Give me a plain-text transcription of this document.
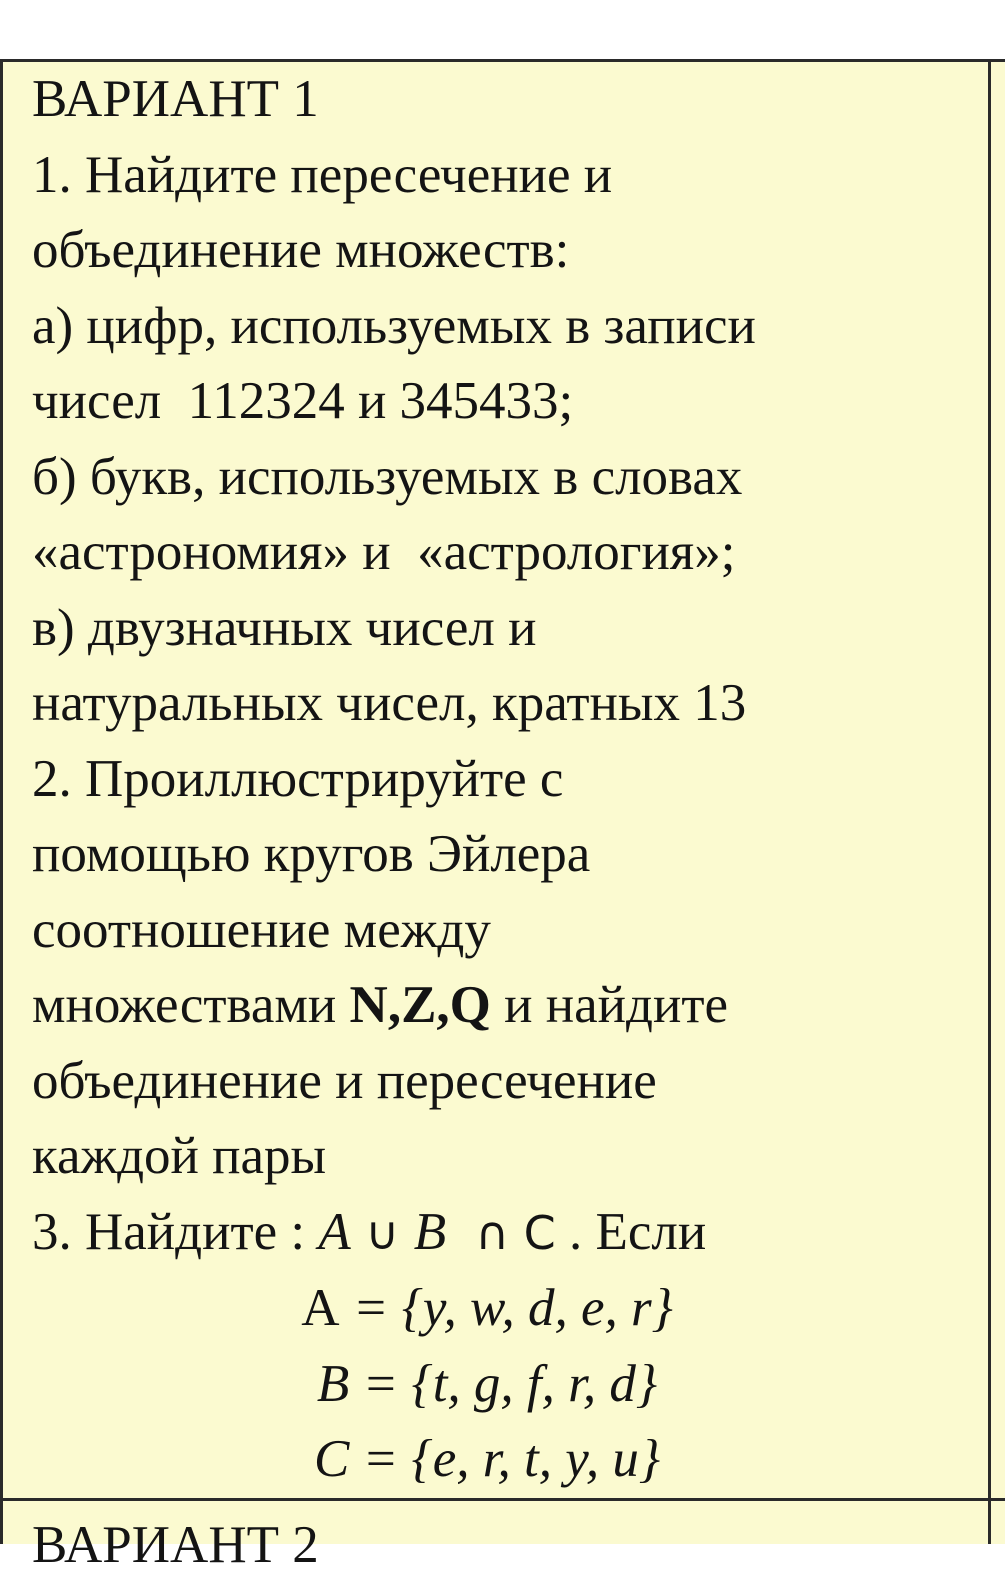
ВАРИАНТ 1
1. Найдите пересечение и
объединение множеств:
а) цифр, используемых в записи
чисел  112324 и 345433;
б) букв, используемых в словах
«астрономия» и  «астрология»;
в) двузначных чисел и
натуральных чисел, кратных 13
2. Проиллюстрируйте с
помощью кругов Эйлера
соотношение между
множествами N,Z,Q и найдите
объединение и пересечение
каждой пары
3. Найдите : A ∪ B  ∩ C . Если
A = {y, w, d, e, r}
B = {t, g, f, r, d}
C = {e, r, t, y, u}
ВАРИАНТ 2
